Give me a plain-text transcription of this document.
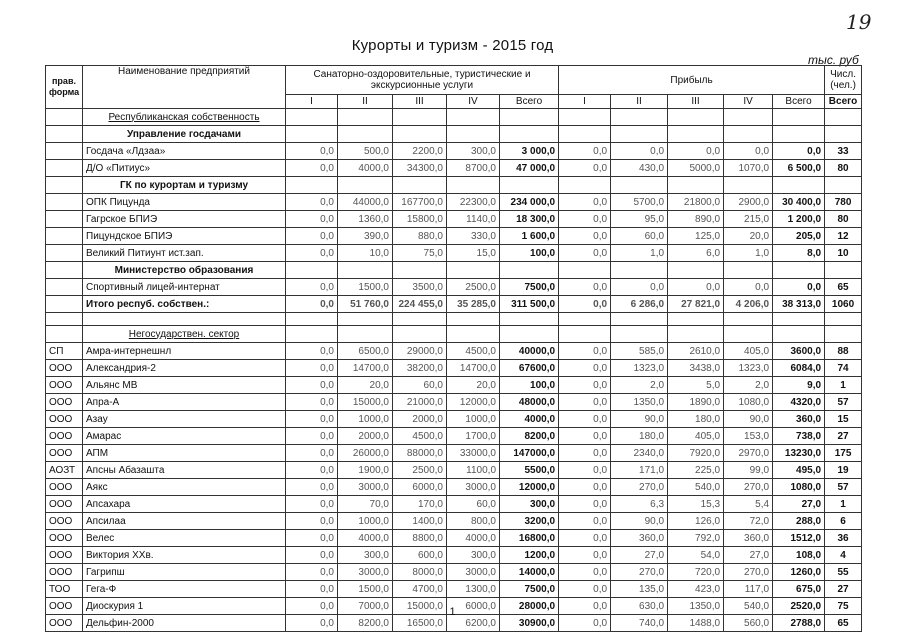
19
Курорты и туризм - 2015 год
тыс. руб
прав. форма	Наименование предприятий	Санаторно-оздоровительные, туристические и экскурсионные услуги					Прибыль					Числ. (чел.)	
		I	II	III	IV	Всего	I	II	III	IV	Всего	Всего	
	Республиканская собственность												
	Управление госдачами												
	Госдача «Лдзаа»	0,0	500,0	2200,0	300,0	3 000,0	0,0	0,0	0,0	0,0	0,0	33	
	Д/О «Питиус»	0,0	4000,0	34300,0	8700,0	47 000,0	0,0	430,0	5000,0	1070,0	6 500,0	80	
	ГК по курортам и туризму												
	ОПК Пицунда	0,0	44000,0	167700,0	22300,0	234 000,0	0,0	5700,0	21800,0	2900,0	30 400,0	780	
	Гагрское БПИЭ	0,0	1360,0	15800,0	1140,0	18 300,0	0,0	95,0	890,0	215,0	1 200,0	80	
	Пицундское БПИЭ	0,0	390,0	880,0	330,0	1 600,0	0,0	60,0	125,0	20,0	205,0	12	
	Великий Питиунт ист.зап.	0,0	10,0	75,0	15,0	100,0	0,0	1,0	6,0	1,0	8,0	10	
	Министерство образования												
	Спортивный лицей-интернат	0,0	1500,0	3500,0	2500,0	7500,0	0,0	0,0	0,0	0,0	0,0	65	
	Итого респуб. собствен.:	0,0	51 760,0	224 455,0	35 285,0	311 500,0	0,0	6 286,0	27 821,0	4 206,0	38 313,0	1060	

	Негосударствен. сектор												
СП	Амра-интернешнл	0,0	6500,0	29000,0	4500,0	40000,0	0,0	585,0	2610,0	405,0	3600,0	88	
ООО	Александрия-2	0,0	14700,0	38200,0	14700,0	67600,0	0,0	1323,0	3438,0	1323,0	6084,0	74	
ООО	Альянс МВ	0,0	20,0	60,0	20,0	100,0	0,0	2,0	5,0	2,0	9,0	1	
ООО	Апра-А	0,0	15000,0	21000,0	12000,0	48000,0	0,0	1350,0	1890,0	1080,0	4320,0	57	
ООО	Азау	0,0	1000,0	2000,0	1000,0	4000,0	0,0	90,0	180,0	90,0	360,0	15	
ООО	Амарас	0,0	2000,0	4500,0	1700,0	8200,0	0,0	180,0	405,0	153,0	738,0	27	
ООО	АПМ	0,0	26000,0	88000,0	33000,0	147000,0	0,0	2340,0	7920,0	2970,0	13230,0	175	
АОЗТ	Апсны Абазашта	0,0	1900,0	2500,0	1100,0	5500,0	0,0	171,0	225,0	99,0	495,0	19	
ООО	Аякс	0,0	3000,0	6000,0	3000,0	12000,0	0,0	270,0	540,0	270,0	1080,0	57	
ООО	Апсахара	0,0	70,0	170,0	60,0	300,0	0,0	6,3	15,3	5,4	27,0	1	
ООО	Апсилаа	0,0	1000,0	1400,0	800,0	3200,0	0,0	90,0	126,0	72,0	288,0	6	
ООО	Велес	0,0	4000,0	8800,0	4000,0	16800,0	0,0	360,0	792,0	360,0	1512,0	36	
ООО	Виктория ХХв.	0,0	300,0	600,0	300,0	1200,0	0,0	27,0	54,0	27,0	108,0	4	
ООО	Гагрипш	0,0	3000,0	8000,0	3000,0	14000,0	0,0	270,0	720,0	270,0	1260,0	55	
ТОО	Гега-Ф	0,0	1500,0	4700,0	1300,0	7500,0	0,0	135,0	423,0	117,0	675,0	27	
ООО	Диоскурия 1	0,0	7000,0	15000,0	6000,0	28000,0	0,0	630,0	1350,0	540,0	2520,0	75	
ООО	Дельфин-2000	0,0	8200,0	16500,0	6200,0	30900,0	0,0	740,0	1488,0	560,0	2788,0	65	
1
